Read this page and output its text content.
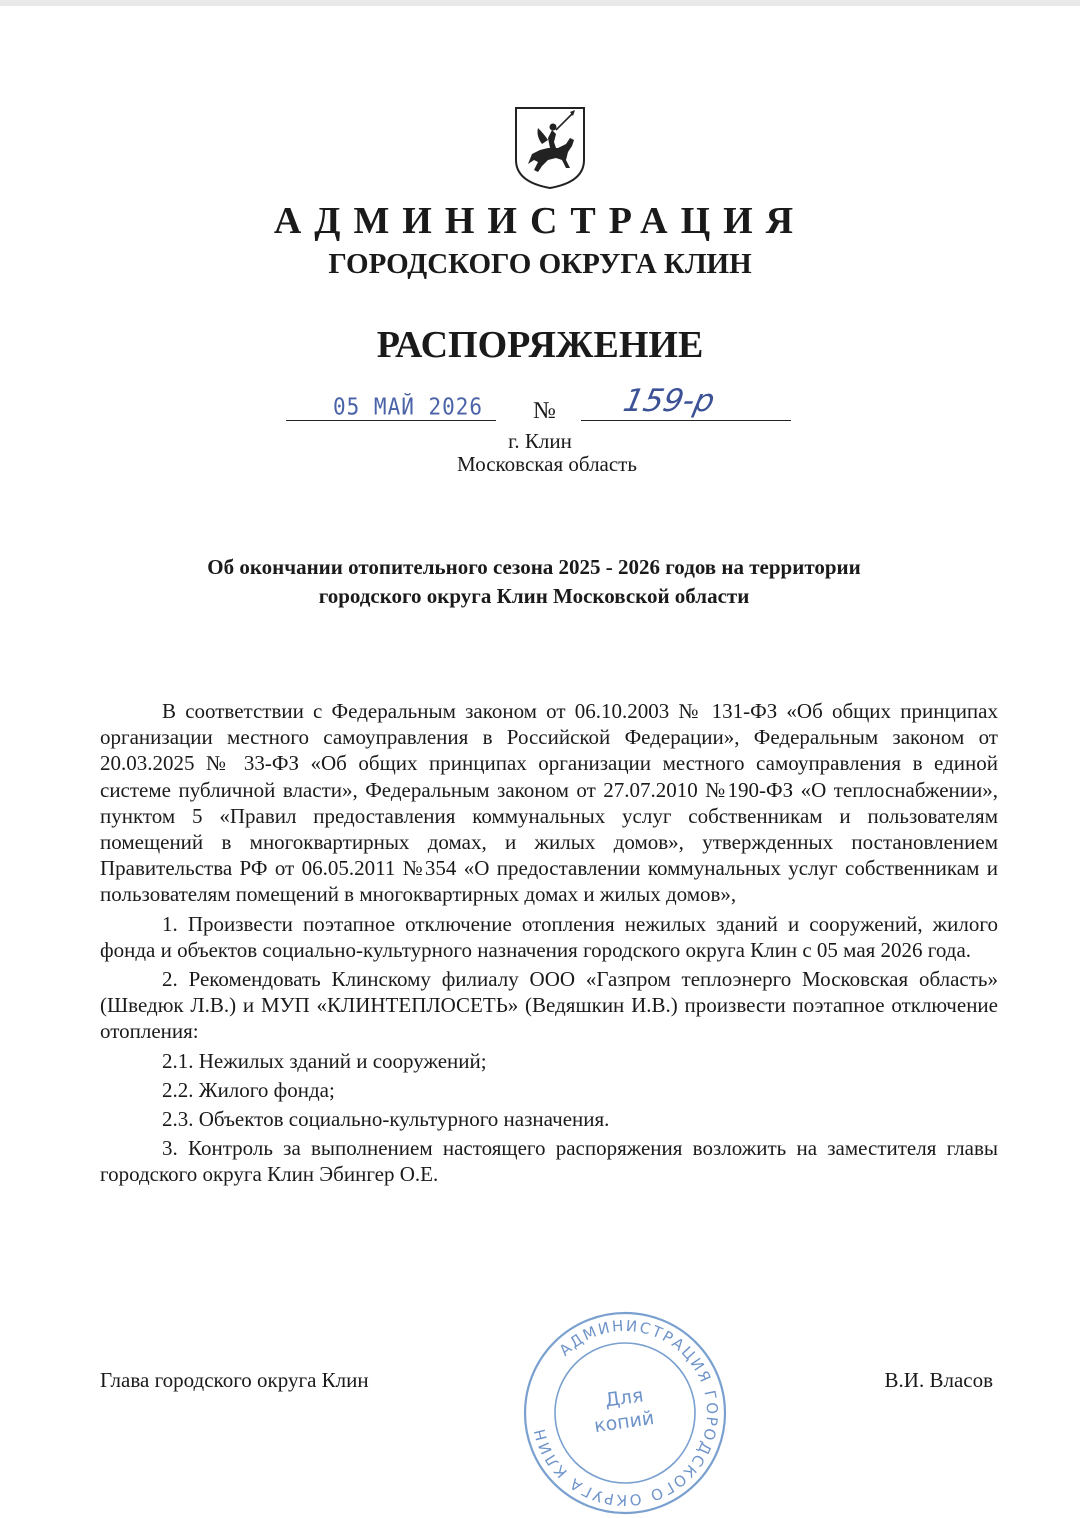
АДМИНИСТРАЦИЯ
ГОРОДСКОГО ОКРУГА КЛИН
РАСПОРЯЖЕНИЕ
05 МАЙ 2026 № 159-р
г. Клин
Московская область
Об окончании отопительного сезона 2025 - 2026 годов на территории
городского округа Клин Московской области

В соответствии с Федеральным законом от 06.10.2003 № 131-ФЗ «Об общих принципах организации местного самоуправления в Российской Федерации», Федеральным законом от 20.03.2025 № 33-ФЗ «Об общих принципах организации местного самоуправления в единой системе публичной власти», Федеральным законом от 27.07.2010 №190-ФЗ «О теплоснабжении», пунктом 5 «Правил предоставления коммунальных услуг собственникам и пользователям помещений в многоквартирных домах, и жилых домов», утвержденных постановлением Правительства РФ от 06.05.2011 №354 «О предоставлении коммунальных услуг собственникам и пользователям помещений в многоквартирных домах и жилых домов»,

1. Произвести поэтапное отключение отопления нежилых зданий и сооружений, жилого фонда и объектов социально-культурного назначения городского округа Клин с 05 мая 2026 года.

2. Рекомендовать Клинскому филиалу ООО «Газпром теплоэнерго Московская область» (Шведюк Л.В.) и МУП «КЛИНТЕПЛОСЕТЬ» (Ведяшкин И.В.) произвести поэтапное отключение отопления:

2.1. Нежилых зданий и сооружений;

2.2. Жилого фонда;

2.3. Объектов социально-культурного назначения.

3. Контроль за выполнением настоящего распоряжения возложить на заместителя главы городского округа Клин Эбингер О.Е.

АДМИНИСТРАЦИЯ ГОРОДСКОГО ОКРУГА КЛИН
Для
копий
Глава городского округа Клин	В.И. Власов
